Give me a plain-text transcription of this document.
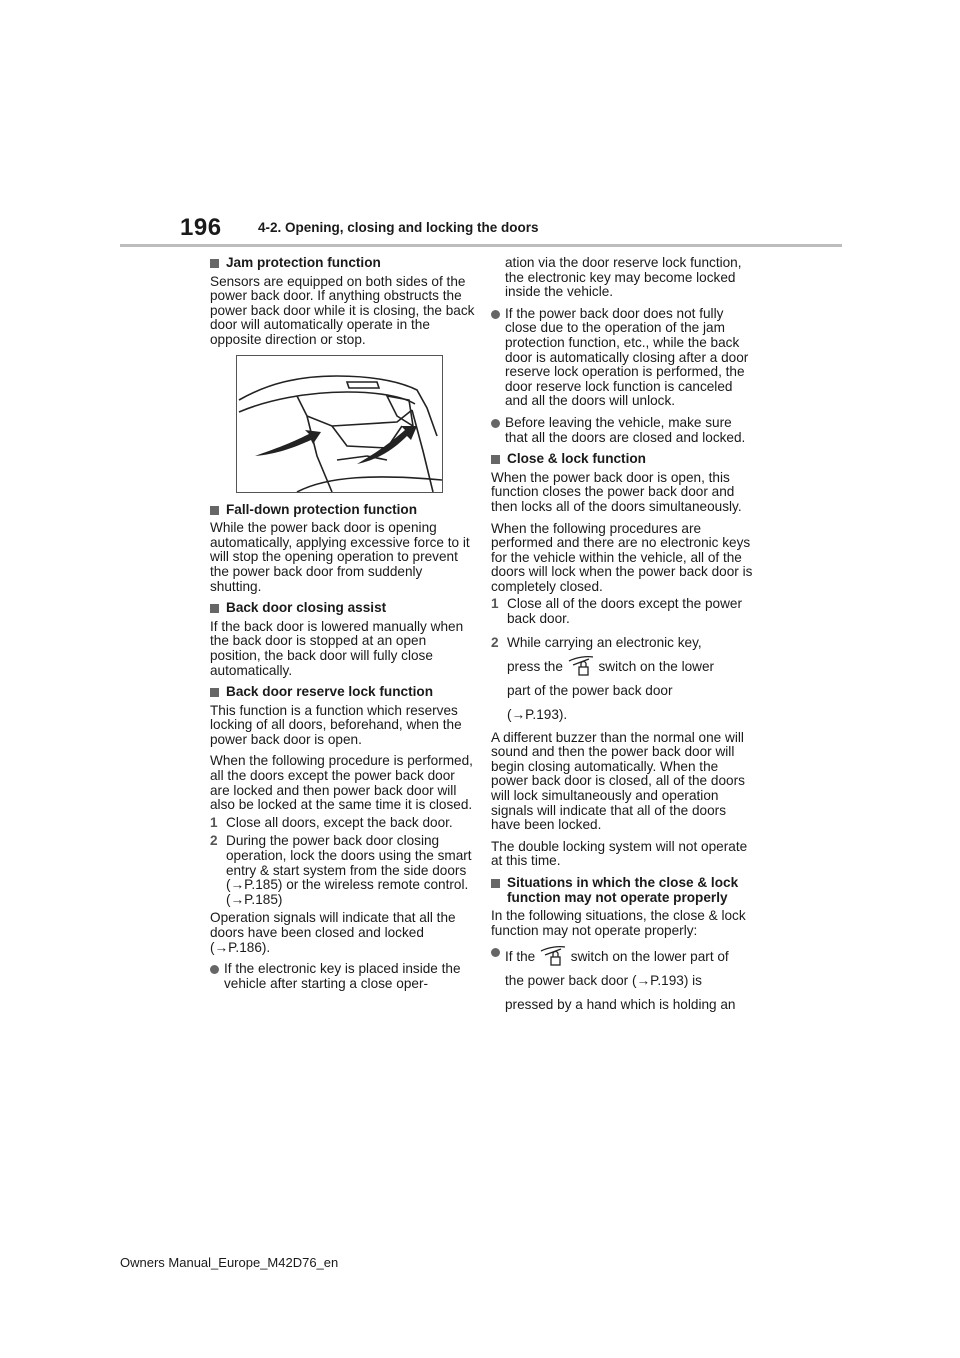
196	4-2. Opening, closing and locking the doors
Jam protection function

Sensors are equipped on both sides of the power back door. If anything obstructs the power back door while it is closing, the back door will automatically operate in the opposite direction or stop.

Fall-down protection function

While the power back door is opening automatically, applying excessive force to it will stop the opening operation to prevent the power back door from suddenly shutting.

Back door closing assist

If the back door is lowered manually when the back door is stopped at an open position, the back door will fully close automatically.

Back door reserve lock function

This function is a function which reserves locking of all doors, beforehand, when the power back door is open.

When the following procedure is performed, all the doors except the power back door are locked and then power back door will also be locked at the same time it is closed.

1 Close all doors, except the back door.
2 During the power back door closing operation, lock the doors using the smart entry & start system from the side doors (→P.185) or the wireless remote control. (→P.185)

Operation signals will indicate that all the doors have been closed and locked (→P.186).

If the electronic key is placed inside the vehicle after starting a close oper-

ation via the door reserve lock function, the electronic key may become locked inside the vehicle.

If the power back door does not fully close due to the operation of the jam protection function, etc., while the back door is automatically closing after a door reserve lock operation is performed, the door reserve lock function is canceled and all the doors will unlock.
Before leaving the vehicle, make sure that all the doors are closed and locked.
Close & lock function

When the power back door is open, this function closes the power back door and then locks all of the doors simultaneously.

When the following procedures are performed and there are no electronic keys for the vehicle within the vehicle, all of the doors will lock when the power back door is completely closed.

1 Close all of the doors except the power back door.
2 While carrying an electronic key,
press the	switch on the lower
part of the power back door
(→P.193).

A different buzzer than the normal one will sound and then the power back door will begin closing automatically. When the power back door is closed, all of the doors will lock simultaneously and operation signals will indicate that all of the doors have been locked.

The double locking system will not operate at this time.

Situations in which the close & lock function may not operate properly

In the following situations, the close & lock function may not operate properly:

If the	switch on the lower part of
the power back door (→P.193) is
pressed by a hand which is holding an
Owners Manual_Europe_M42D76_en
